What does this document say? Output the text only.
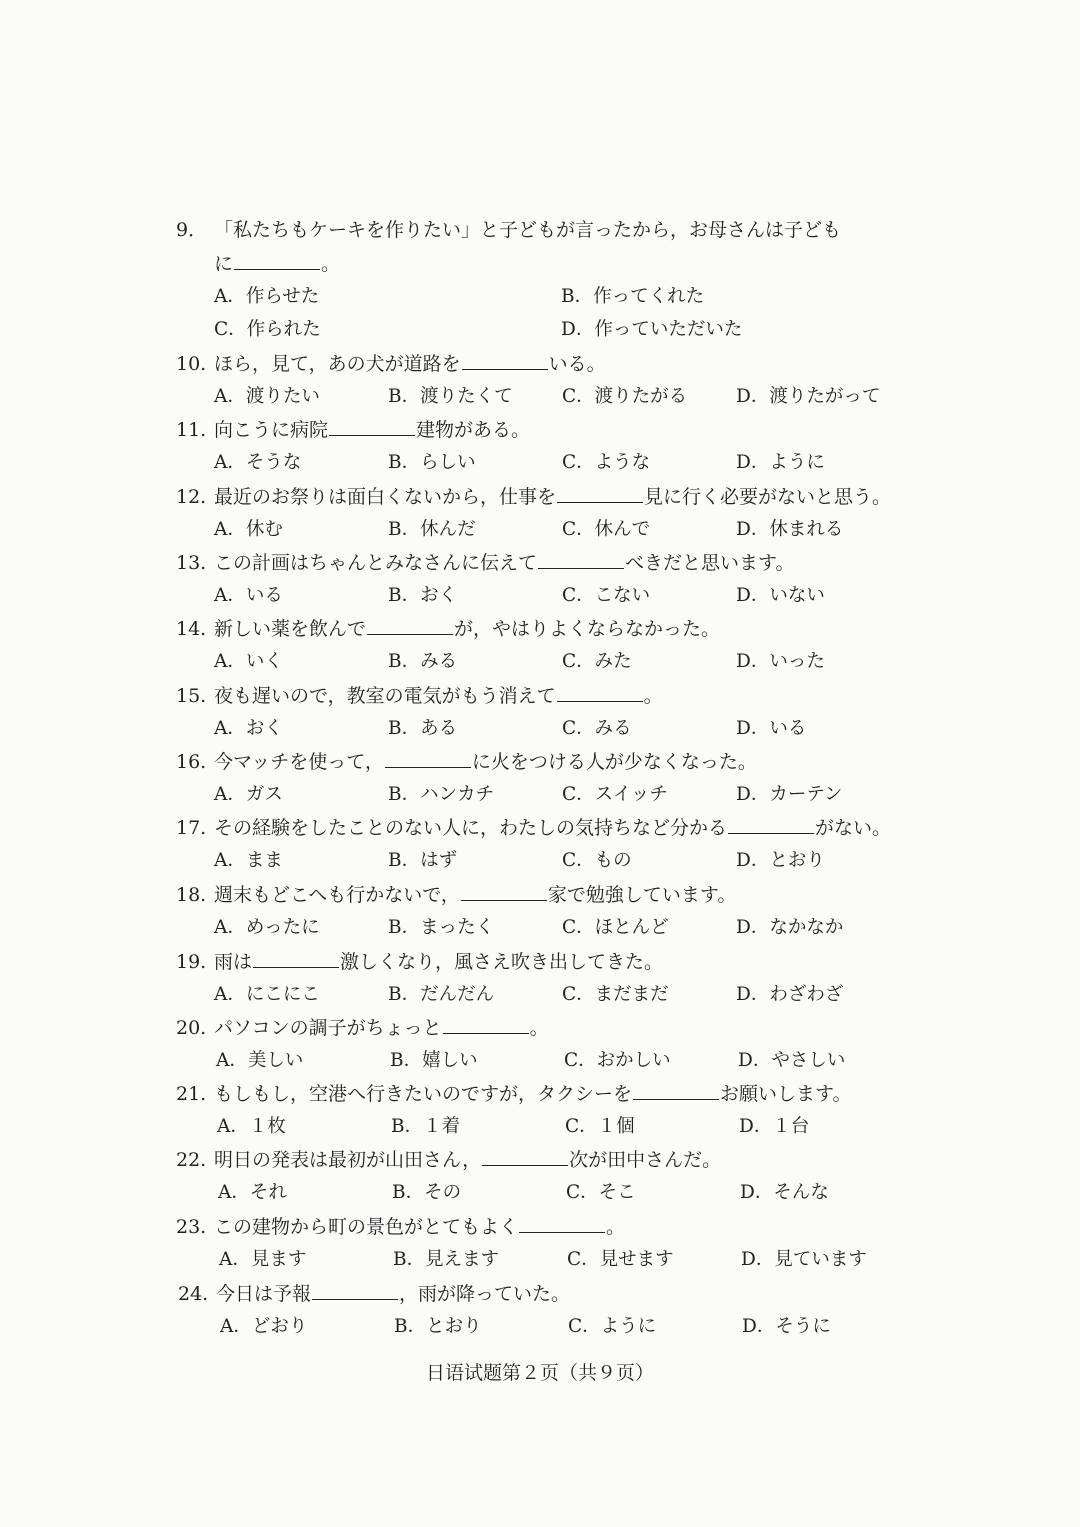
9． 「私たちもケーキを作りたい」と子どもが言ったから，お母さんは子ども
に	。
A．作らせた	B．作ってくれた
C．作られた	D．作っていただいた
10. ほら，見て，あの犬が道路を	いる。
A．渡りたい	B．渡りたくて	C．渡りたがる	D．渡りたがって
11. 向こうに病院	建物がある。
A．そうな	B．らしい	C．ような	D．ように
12. 最近のお祭りは面白くないから，仕事を	見に行く必要がないと思う。
A．休む	B．休んだ	C．休んで	D．休まれる
13. この計画はちゃんとみなさんに伝えて	べきだと思います。
A．いる	B．おく	C．こない	D．いない
14. 新しい薬を飲んで	が，やはりよくならなかった。
A．いく	B．みる	C．みた	D．いった
15. 夜も遅いので，教室の電気がもう消えて	。
A．おく	B．ある	C．みる	D．いる
16. 今マッチを使って，	に火をつける人が少なくなった。
A．ガス	B．ハンカチ	C．スイッチ	D．カーテン
17. その経験をしたことのない人に，わたしの気持ちなど分かる	がない。
A．まま	B．はず	C．もの	D．とおり
18. 週末もどこへも行かないで，	家で勉強しています。
A．めったに	B．まったく	C．ほとんど	D．なかなか
19. 雨は	激しくなり，風さえ吹き出してきた。
A．にこにこ	B．だんだん	C．まだまだ	D．わざわざ
20. パソコンの調子がちょっと	。
A．美しい	B．嬉しい	C．おかしい	D．やさしい
21. もしもし，空港へ行きたいのですが，タクシーを	お願いします。
A．１枚	B．１着	C．１個	D．１台
22. 明日の発表は最初が山田さん，	次が田中さんだ。
A．それ	B．その	C．そこ	D．そんな
23. この建物から町の景色がとてもよく	。
A．見ます	B．見えます	C．見せます	D．見ています
24. 今日は予報	，雨が降っていた。
A．どおり	B．とおり	C．ように	D．そうに
日语试题第２页（共９页）
